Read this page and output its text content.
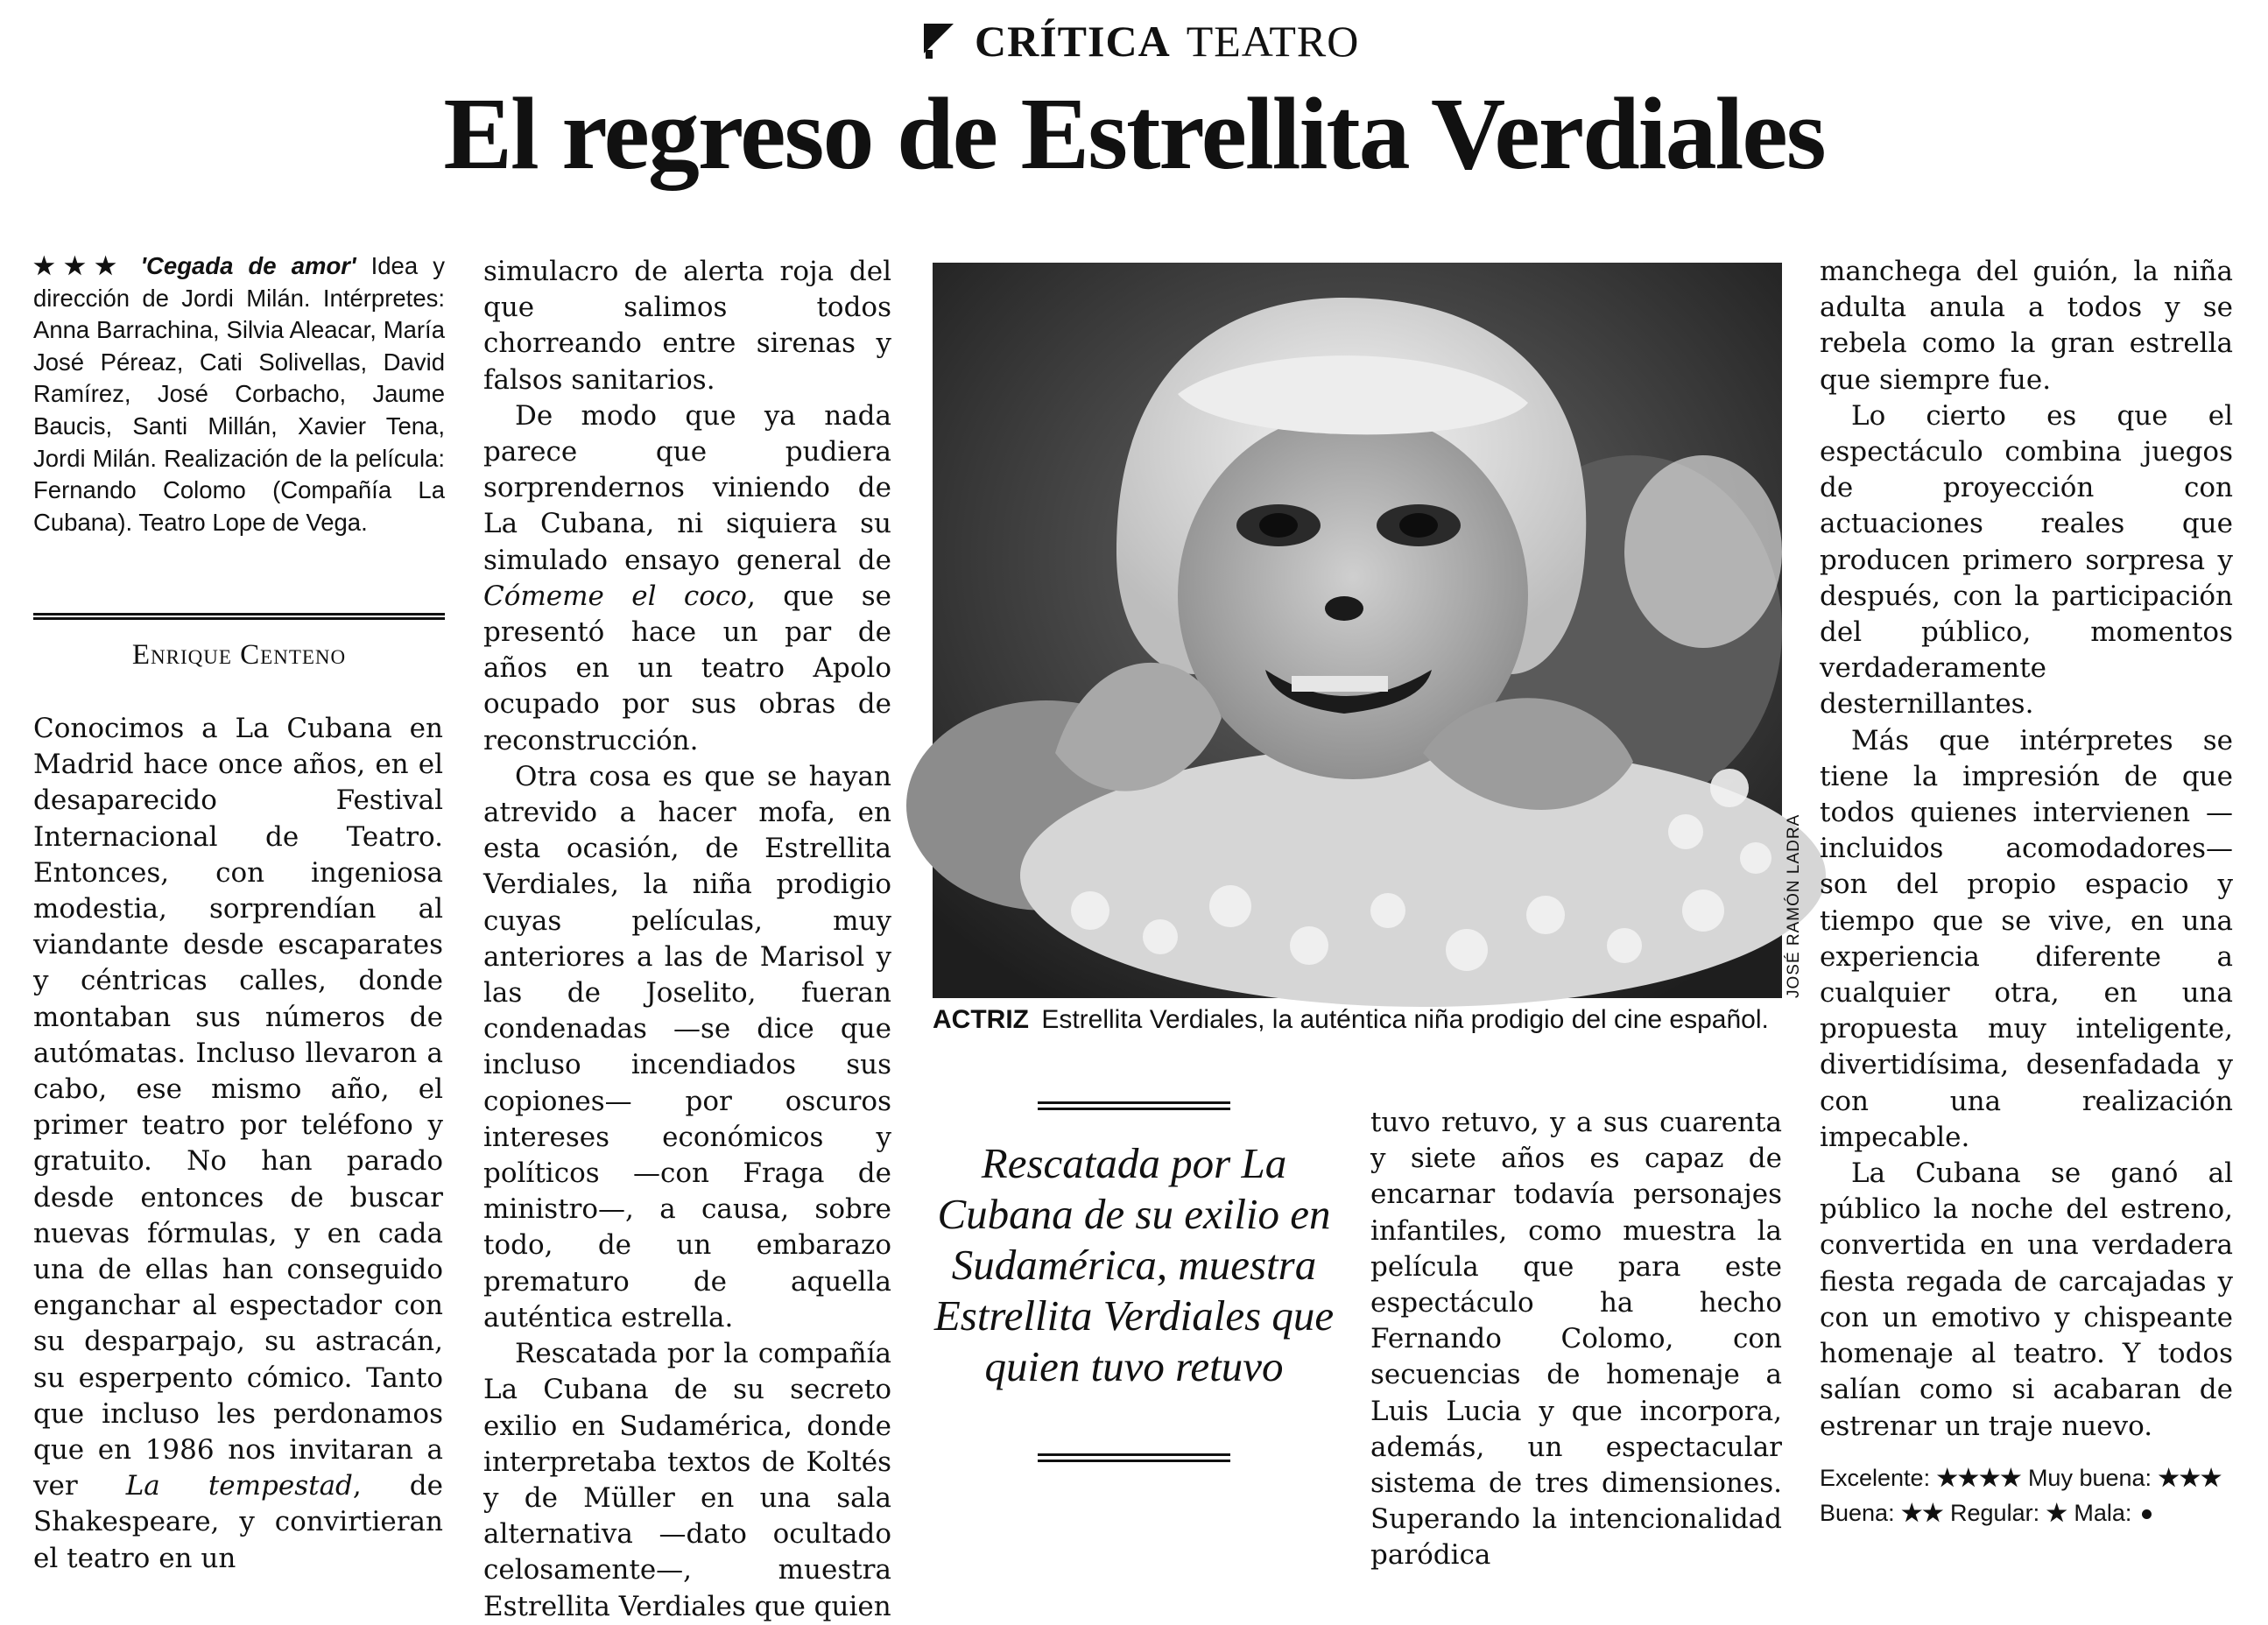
CRÍTICA TEATRO
El regreso de Estrellita Verdiales
★★★ 'Cegada de amor' Idea y dirección de Jordi Milán. Intérpretes: Anna Barrachina, Silvia Aleacar, María José Péreaz, Cati Solivellas, David Ramírez, José Corbacho, Jaume Baucis, Santi Millán, Xavier Tena, Jordi Milán. Realización de la película: Fernando Colomo (Compañía La Cubana). Teatro Lope de Vega.
Enrique Centeno

Conocimos a La Cubana en Madrid hace once años, en el desaparecido Festival Internacional de Teatro. Entonces, con ingeniosa modestia, sorprendían al viandante desde escaparates y céntricas calles, donde montaban sus números de autómatas. Incluso llevaron a cabo, ese mismo año, el primer teatro por teléfono y gratuito. No han parado desde entonces de buscar nuevas fórmulas, y en cada una de ellas han conseguido enganchar al espectador con su desparpajo, su astracán, su esperpento cómico. Tanto que incluso les perdonamos que en 1986 nos invitaran a ver La tempestad, de Shakespeare, y convirtieran el teatro en un

simulacro de alerta roja del que salimos todos chorreando entre sirenas y falsos sanitarios.

De modo que ya nada parece que pudiera sorprendernos viniendo de La Cubana, ni siquiera su simulado ensayo general de Cómeme el coco, que se presentó hace un par de años en un teatro Apolo ocupado por sus obras de reconstrucción.

Otra cosa es que se hayan atrevido a hacer mofa, en esta ocasión, de Estrellita Verdiales, la niña prodigio cuyas películas, muy anteriores a las de Marisol y las de Joselito, fueran condenadas —se dice que incluso incendiados sus copiones— por oscuros intereses económicos y políticos —con Fraga de ministro—, a causa, sobre todo, de un embarazo prematuro de aquella auténtica estrella.

Rescatada por la compañía La Cubana de su secreto exilio en Sudamérica, donde interpretaba textos de Koltés y de Müller en una sala alternativa —dato ocultado celosamente—, muestra Estrellita Verdiales que quien

JOSÉ RAMÓN LADRA
ACTRIZ Estrellita Verdiales, la auténtica niña prodigio del cine español.
Rescatada por La Cubana de su exilio en Sudamérica, muestra Estrellita Verdiales que quien tuvo retuvo

tuvo retuvo, y a sus cuarenta y siete años es capaz de encarnar todavía personajes infantiles, como muestra la película que para este espectáculo ha hecho Fernando Colomo, con secuencias de homenaje a Luis Lucia y que incorpora, además, un espectacular sistema de tres dimensiones. Superando la intencionalidad paródica

manchega del guión, la niña adulta anula a todos y se rebela como la gran estrella que siempre fue.

Lo cierto es que el espectáculo combina juegos de proyección con actuaciones reales que producen primero sorpresa y después, con la participación del público, momentos verdaderamente desternillantes.

Más que intérpretes se tiene la impresión de que todos quienes intervienen —incluidos acomodadores— son del propio espacio y tiempo que se vive, en una experiencia diferente a cualquier otra, en una propuesta muy inteligente, divertidísima, desenfadada y con una realización impecable.

La Cubana se ganó al público la noche del estreno, convertida en una verdadera fiesta regada de carcajadas y con un emotivo y chispeante homenaje al teatro. Y todos salían como si acabaran de estrenar un traje nuevo.

Excelente: ★★★★ Muy buena: ★★★
Buena: ★★ Regular: ★ Mala:
